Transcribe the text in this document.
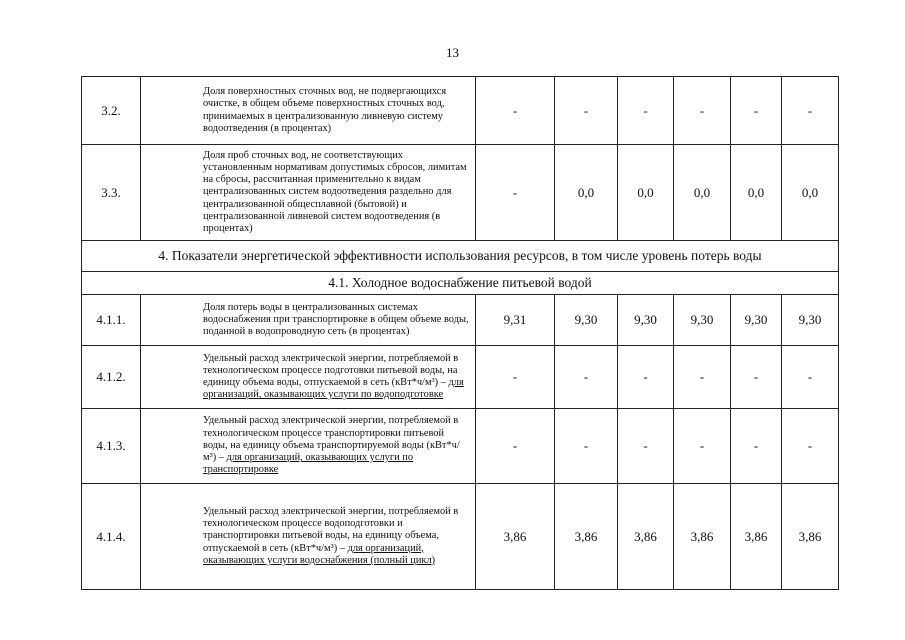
13
3.2.	Доля поверхностных сточных вод, не подвергающихся очистке, в общем объеме поверхностных сточных вод, принимаемых в централизованную ливневую систему водоотведения (в процентах)	-	-	-	-	-	-
3.3.	Доля проб сточных вод, не соответствующих установленным нормативам допустимых сбросов, лимитам на сбросы, рассчитанная применительно к видам централизованных систем водоотведения раздельно для централизованной общесплавной (бытовой) и централизованной ливневой систем водоотведения (в процентах)	-	0,0	0,0	0,0	0,0	0,0
4. Показатели энергетической эффективности использования ресурсов, в том числе уровень потерь воды							
4.1. Холодное водоснабжение питьевой водой							
4.1.1.	Доля потерь воды в централизованных системах водоснабжения при транспортировке в общем объеме воды, поданной в водопроводную сеть (в процентах)	9,31	9,30	9,30	9,30	9,30	9,30
4.1.2.	Удельный расход электрической энергии, потребляемой в технологическом процессе подготовки питьевой воды, на единицу объема воды, отпускаемой в сеть (кВт*ч/м³) – для организаций, оказывающих услуги по водоподготовке	-	-	-	-	-	-
4.1.3.	Удельный расход электрической энергии, потребляемой в технологическом процессе транспортировки питьевой воды, на единицу объема транспортируемой воды (кВт*ч/м³) – для организаций, оказывающих услуги по транспортировке	-	-	-	-	-	-
4.1.4.	Удельный расход электрической энергии, потребляемой в технологическом процессе водоподготовки и транспортировки питьевой воды, на единицу объема, отпускаемой в сеть (кВт*ч/м³) – для организаций, оказывающих услуги водоснабжения (полный цикл)	3,86	3,86	3,86	3,86	3,86	3,86
